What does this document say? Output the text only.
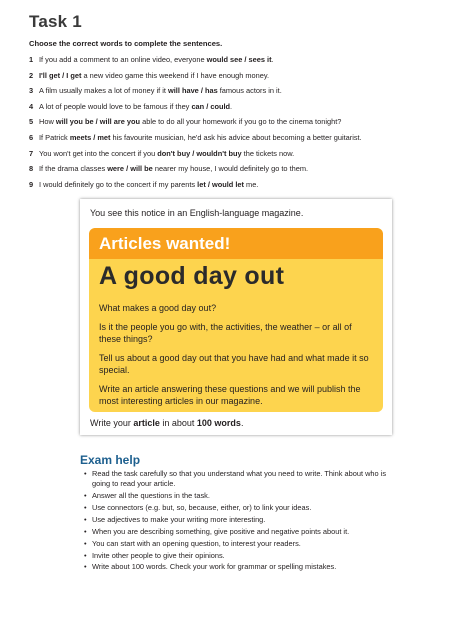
Task 1
Choose the correct words to complete the sentences.
1 If you add a comment to an online video, everyone would see / sees it.
2 I'll get / I get a new video game this weekend if I have enough money.
3 A film usually makes a lot of money if it will have / has famous actors in it.
4 A lot of people would love to be famous if they can / could.
5 How will you be / will are you able to do all your homework if you go to the cinema tonight?
6 If Patrick meets / met his favourite musician, he'd ask his advice about becoming a better guitarist.
7 You won't get into the concert if you don't buy / wouldn't buy the tickets now.
8 If the drama classes were / will be nearer my house, I would definitely go to them.
9 I would definitely go to the concert if my parents let / would let me.
You see this notice in an English-language magazine.
Articles wanted!
A good day out

What makes a good day out?

Is it the people you go with, the activities, the weather – or all of these things?

Tell us about a good day out that you have had and what made it so special.

Write an article answering these questions and we will publish the most interesting articles in our magazine.

Write your article in about 100 words.
Exam help
• Read the task carefully so that you understand what you need to write. Think about who is going to read your article.
• Answer all the questions in the task.
• Use connectors (e.g. but, so, because, either, or) to link your ideas.
• Use adjectives to make your writing more interesting.
• When you are describing something, give positive and negative points about it.
• You can start with an opening question, to interest your readers.
• Invite other people to give their opinions.
• Write about 100 words. Check your work for grammar or spelling mistakes.
